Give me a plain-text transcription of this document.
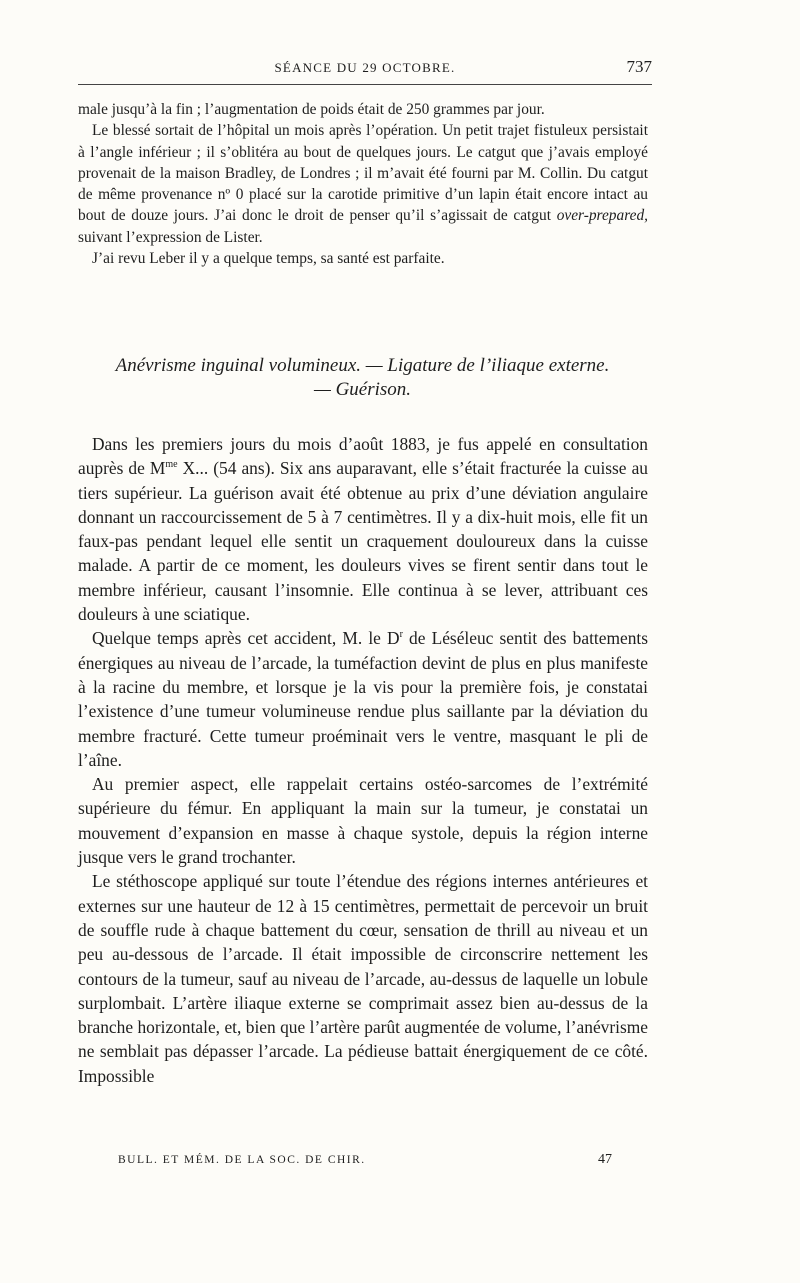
SÉANCE DU 29 OCTOBRE.	737

male jusqu’à la fin ; l’augmentation de poids était de 250 grammes par jour.

Le blessé sortait de l’hôpital un mois après l’opération. Un petit trajet fistuleux persistait à l’angle inférieur ; il s’oblitéra au bout de quelques jours. Le catgut que j’avais employé provenait de la maison Bradley, de Londres ; il m’avait été fourni par M. Collin. Du catgut de même provenance nº 0 placé sur la carotide primitive d’un lapin était encore intact au bout de douze jours. J’ai donc le droit de penser qu’il s’agissait de catgut over-prepared, suivant l’expression de Lister.

J’ai revu Leber il y a quelque temps, sa santé est parfaite.

Anévrisme inguinal volumineux. — Ligature de l’iliaque externe.
— Guérison.

Dans les premiers jours du mois d’août 1883, je fus appelé en consultation auprès de $M^{me}$ X... (54 ans). Six ans auparavant, elle s’était fracturée la cuisse au tiers supérieur. La guérison avait été obtenue au prix d’une déviation angulaire donnant un raccourcissement de 5 à 7 centimètres. Il y a dix-huit mois, elle fit un faux-pas pendant lequel elle sentit un craquement douloureux dans la cuisse malade. A partir de ce moment, les douleurs vives se firent sentir dans tout le membre inférieur, causant l’insomnie. Elle continua à se lever, attribuant ces douleurs à une sciatique.

Quelque temps après cet accident, M. le $D^r$ de Léséleuc sentit des battements énergiques au niveau de l’arcade, la tuméfaction devint de plus en plus manifeste à la racine du membre, et lorsque je la vis pour la première fois, je constatai l’existence d’une tumeur volumineuse rendue plus saillante par la déviation du membre fracturé. Cette tumeur proéminait vers le ventre, masquant le pli de l’aîne.

Au premier aspect, elle rappelait certains ostéo-sarcomes de l’extrémité supérieure du fémur. En appliquant la main sur la tumeur, je constatai un mouvement d’expansion en masse à chaque systole, depuis la région interne jusque vers le grand trochanter.

Le stéthoscope appliqué sur toute l’étendue des régions internes antérieures et externes sur une hauteur de 12 à 15 centimètres, permettait de percevoir un bruit de souffle rude à chaque battement du cœur, sensation de thrill au niveau et un peu au-dessous de l’arcade. Il était impossible de circonscrire nettement les contours de la tumeur, sauf au niveau de l’arcade, au-dessus de laquelle un lobule surplombait. L’artère iliaque externe se comprimait assez bien au-dessus de la branche horizontale, et, bien que l’artère parût augmentée de volume, l’anévrisme ne semblait pas dépasser l’arcade. La pédieuse battait énergiquement de ce côté. Impossible

BULL. ET MÉM. DE LA SOC. DE CHIR.	47
